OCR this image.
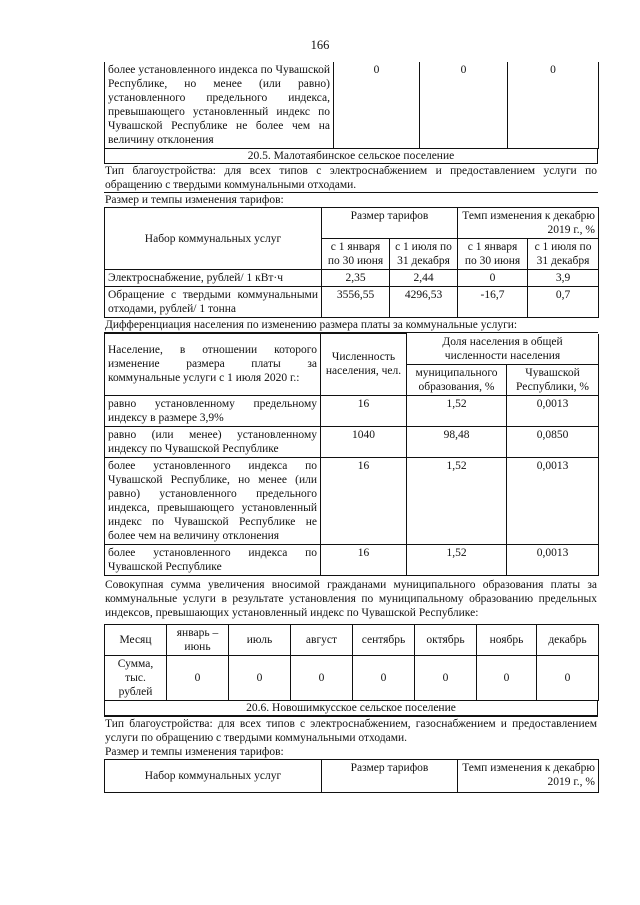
166
более установленного индекса по Чувашской Республике, но менее (или равно) установленного предельного индекса, превышающего установленный индекс по Чувашской Республике не более чем на величину отклонения	0	0	0
20.5. Малотаябинское сельское поселение
Тип благоустройства: для всех типов с электроснабжением и предоставлением услуги по обращению с твердыми коммунальными отходами.
Размер и темпы изменения тарифов:
Набор коммунальных услуг	Размер тарифов		Темп изменения к декабрю 2019 г., %	
	с 1 января по 30 июня	с 1 июля по 31 декабря	с 1 января по 30 июня	с 1 июля по 31 декабря
Электроснабжение, рублей/ 1 кВт·ч	2,35	2,44	0	3,9
Обращение с твердыми коммунальными отходами, рублей/ 1 тонна	3556,55	4296,53	-16,7	0,7
Дифференциация населения по изменению размера платы за коммунальные услуги:
Население, в отношении которого изменение размера платы за коммунальные услуги с 1 июля 2020 г.:	Численность населения, чел.	Доля населения в общей численности населения	
		муниципального образования, %	Чувашской Республики, %
равно установленному предельному индексу в размере 3,9%	16	1,52	0,0013
равно (или менее) установленному индексу по Чувашской Республике	1040	98,48	0,0850
более установленного индекса по Чувашской Республике, но менее (или равно) установленного предельного индекса, превышающего установленный индекс по Чувашской Республике не более чем на величину отклонения	16	1,52	0,0013
более установленного индекса по Чувашской Республике	16	1,52	0,0013
Совокупная сумма увеличения вносимой гражданами муниципального образования платы за коммунальные услуги в результате установления по муниципальному образованию предельных индексов, превышающих установленный индекс по Чувашской Республике:
Месяц	январь – июнь	июль	август	сентябрь	октябрь	ноябрь	декабрь
Сумма, тыс. рублей	0	0	0	0	0	0	0
20.6. Новошимкусское сельское поселение
Тип благоустройства: для всех типов с электроснабжением, газоснабжением и предоставлением услуги по обращению с твердыми коммунальными отходами.
Размер и темпы изменения тарифов:
Набор коммунальных услуг	Размер тарифов	Темп изменения к декабрю 2019 г., %
